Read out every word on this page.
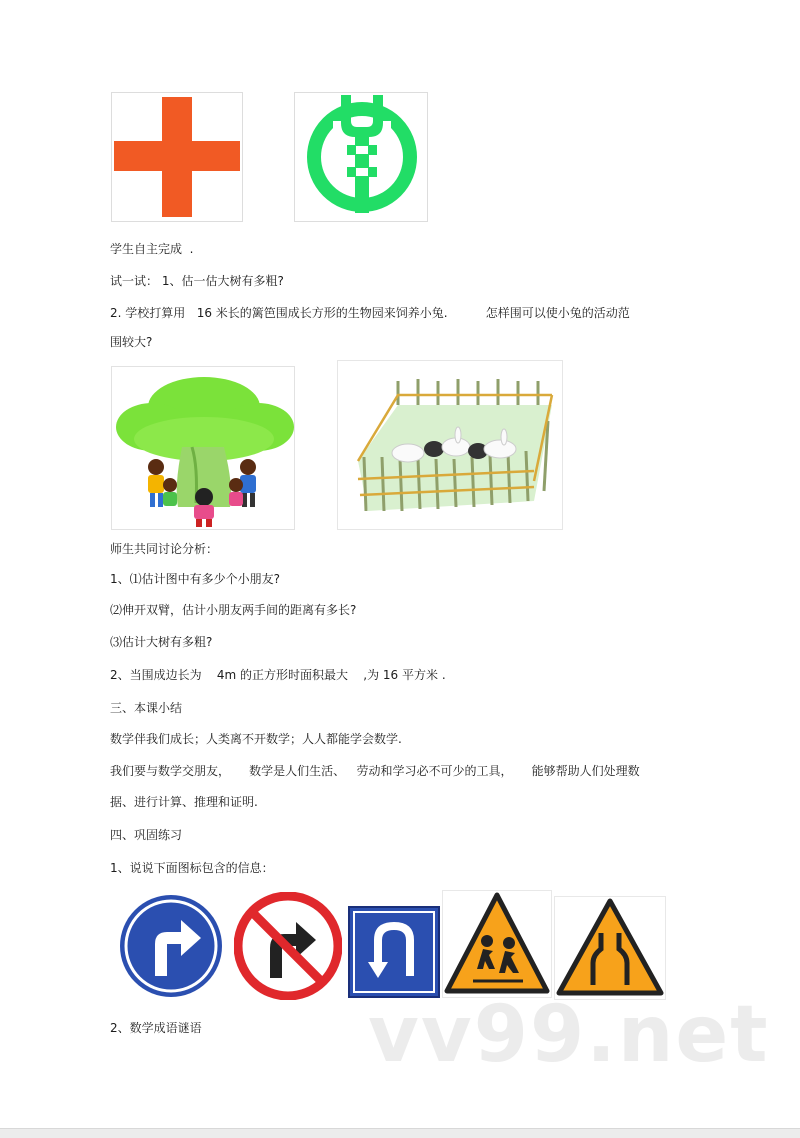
学生自主完成  .
试一试： 1、估一估大树有多粗?
2. 学校打算用   16 米长的篱笆围成长方形的生物园来饲养小兔.          怎样围可以使小兔的活动范
围较大?
师生共同讨论分析：
1、⑴估计图中有多少个小朋友?
⑵伸开双臂，估计小朋友两手间的距离有多长?
⑶估计大树有多粗?
2、当围成边长为    4m 的正方形时面积最大    ,为 16 平方米 .
三、本课小结
数学伴我们成长；人类离不开数学；人人都能学会数学.
我们要与数学交朋友，     数学是人们生活、   劳动和学习必不可少的工具，     能够帮助人们处理数
据、进行计算、推理和证明.
四、巩固练习
1、说说下面图标包含的信息：
2、数学成语谜语 vv99.net
